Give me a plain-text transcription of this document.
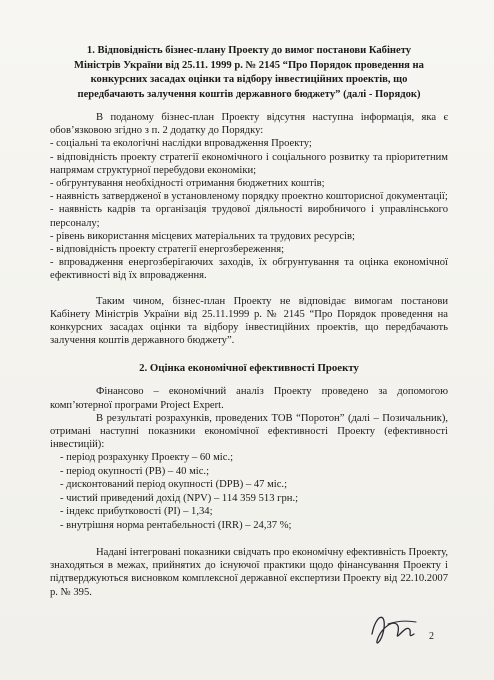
1. Відповідність бізнес-плану Проекту до вимог постанови Кабінету
Міністрів України від 25.11. 1999 р. № 2145 “Про Порядок проведення на
конкурсних засадах оцінки та відбору інвестиційних проектів, що
передбачають залучення коштів державного бюджету” (далі - Порядок)

В поданому бізнес-план Проекту відсутня наступна інформація, яка є обов’язковою згідно з п. 2 додатку до Порядку:

- соціальні та екологічні наслідки впровадження Проекту;

- відповідність проекту стратегії економічного і соціального розвитку та пріоритетним напрямам структурної перебудови економіки;

- обгрунтування необхідності отримання бюджетних коштів;

- наявність затвердженої в установленому порядку проектно кошторисної документації;

- наявність кадрів та організація трудової діяльності виробничого і управлінського персоналу;

- рівень використання місцевих матеріальних та трудових ресурсів;

- відповідність проекту стратегії енергозбереження;

- впровадження енергозберігаючих заходів, їх обгрунтування та оцінка економічної ефективності від їх впровадження.

Таким чином, бізнес-план Проекту не відповідає вимогам постанови Кабінету Міністрів України від 25.11.1999 р. № 2145 “Про Порядок проведення на конкурсних засадах оцінки та відбору інвестиційних проектів, що передбачають залучення коштів державного бюджету”.

2. Оцінка економічної ефективності Проекту

Фінансово – економічний аналіз Проекту проведено за допомогою комп’ютерної програми Project Expert.

В результаті розрахунків, проведених ТОВ “Поротон” (далі – Позичальник), отримані наступні показники економічної ефективності Проекту (ефективності інвестицій):

- період розрахунку Проекту – 60 міс.;
- період окупності (PB) – 40 міс.;
- дисконтований період окупності (DPB) – 47 міс.;
- чистий приведений дохід (NPV) – 114 359 513 грн.;
- індекс прибутковості (PI) – 1,34;
- внутрішня норма рентабельності (IRR) – 24,37 %;

Надані інтегровані показники свідчать про економічну ефективність Проекту, знаходяться в межах, прийнятих до існуючої практики щодо фінансування Проекту і підтверджуються висновком комплексної державної експертизи Проекту від 22.10.2007 р. № 395.

2
